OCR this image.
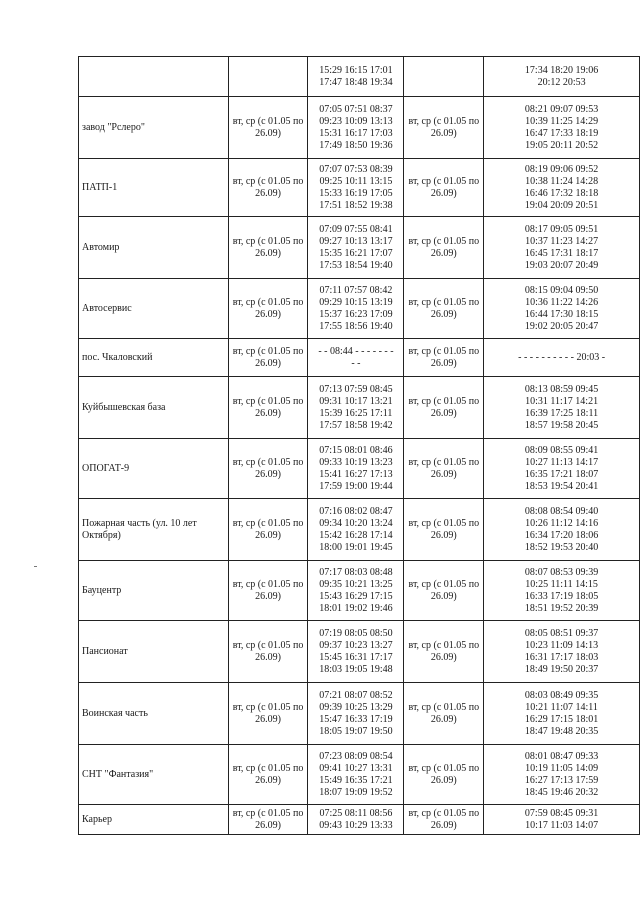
		15:29 16:15 17:01
17:47 18:48 19:34		17:34 18:20 19:06
20:12 20:53

завод "Рслеро"	вт, ср (с 01.05 по 26.09)	07:05 07:51 08:37
09:23 10:09 13:13
15:31 16:17 17:03
17:49 18:50 19:36	вт, ср (с 01.05 по 26.09)	08:21 09:07 09:53
10:39 11:25 14:29
16:47 17:33 18:19
19:05 20:11 20:52

ПАТП-1	вт, ср (с 01.05 по 26.09)	07:07 07:53 08:39
09:25 10:11 13:15
15:33 16:19 17:05
17:51 18:52 19:38	вт, ср (с 01.05 по 26.09)	08:19 09:06 09:52
10:38 11:24 14:28
16:46 17:32 18:18
19:04 20:09 20:51

Автомир	вт, ср (с 01.05 по 26.09)	07:09 07:55 08:41
09:27 10:13 13:17
15:35 16:21 17:07
17:53 18:54 19:40	вт, ср (с 01.05 по 26.09)	08:17 09:05 09:51
10:37 11:23 14:27
16:45 17:31 18:17
19:03 20:07 20:49

Автосервис	вт, ср (с 01.05 по 26.09)	07:11 07:57 08:42
09:29 10:15 13:19
15:37 16:23 17:09
17:55 18:56 19:40	вт, ср (с 01.05 по 26.09)	08:15 09:04 09:50
10:36 11:22 14:26
16:44 17:30 18:15
19:02 20:05 20:47

пос. Чкаловский	вт, ср (с 01.05 по 26.09)	- - 08:44 - - - - - - -
- -	вт, ср (с 01.05 по 26.09)	- - - - - - - - - - 20:03 -

Куйбышевская база	вт, ср (с 01.05 по 26.09)	07:13 07:59 08:45
09:31 10:17 13:21
15:39 16:25 17:11
17:57 18:58 19:42	вт, ср (с 01.05 по 26.09)	08:13 08:59 09:45
10:31 11:17 14:21
16:39 17:25 18:11
18:57 19:58 20:45

ОПОГАТ-9	вт, ср (с 01.05 по 26.09)	07:15 08:01 08:46
09:33 10:19 13:23
15:41 16:27 17:13
17:59 19:00 19:44	вт, ср (с 01.05 по 26.09)	08:09 08:55 09:41
10:27 11:13 14:17
16:35 17:21 18:07
18:53 19:54 20:41

Пожарная часть (ул. 10 лет Октября)	вт, ср (с 01.05 по 26.09)	07:16 08:02 08:47
09:34 10:20 13:24
15:42 16:28 17:14
18:00 19:01 19:45	вт, ср (с 01.05 по 26.09)	08:08 08:54 09:40
10:26 11:12 14:16
16:34 17:20 18:06
18:52 19:53 20:40

Бауцентр	вт, ср (с 01.05 по 26.09)	07:17 08:03 08:48
09:35 10:21 13:25
15:43 16:29 17:15
18:01 19:02 19:46	вт, ср (с 01.05 по 26.09)	08:07 08:53 09:39
10:25 11:11 14:15
16:33 17:19 18:05
18:51 19:52 20:39

Пансионат	вт, ср (с 01.05 по 26.09)	07:19 08:05 08:50
09:37 10:23 13:27
15:45 16:31 17:17
18:03 19:05 19:48	вт, ср (с 01.05 по 26.09)	08:05 08:51 09:37
10:23 11:09 14:13
16:31 17:17 18:03
18:49 19:50 20:37

Воинская часть	вт, ср (с 01.05 по 26.09)	07:21 08:07 08:52
09:39 10:25 13:29
15:47 16:33 17:19
18:05 19:07 19:50	вт, ср (с 01.05 по 26.09)	08:03 08:49 09:35
10:21 11:07 14:11
16:29 17:15 18:01
18:47 19:48 20:35

СНТ "Фантазия"	вт, ср (с 01.05 по 26.09)	07:23 08:09 08:54
09:41 10:27 13:31
15:49 16:35 17:21
18:07 19:09 19:52	вт, ср (с 01.05 по 26.09)	08:01 08:47 09:33
10:19 11:05 14:09
16:27 17:13 17:59
18:45 19:46 20:32

Карьер	вт, ср (с 01.05 по 26.09)	07:25 08:11 08:56
09:43 10:29 13:33	вт, ср (с 01.05 по 26.09)	07:59 08:45 09:31
10:17 11:03 14:07
